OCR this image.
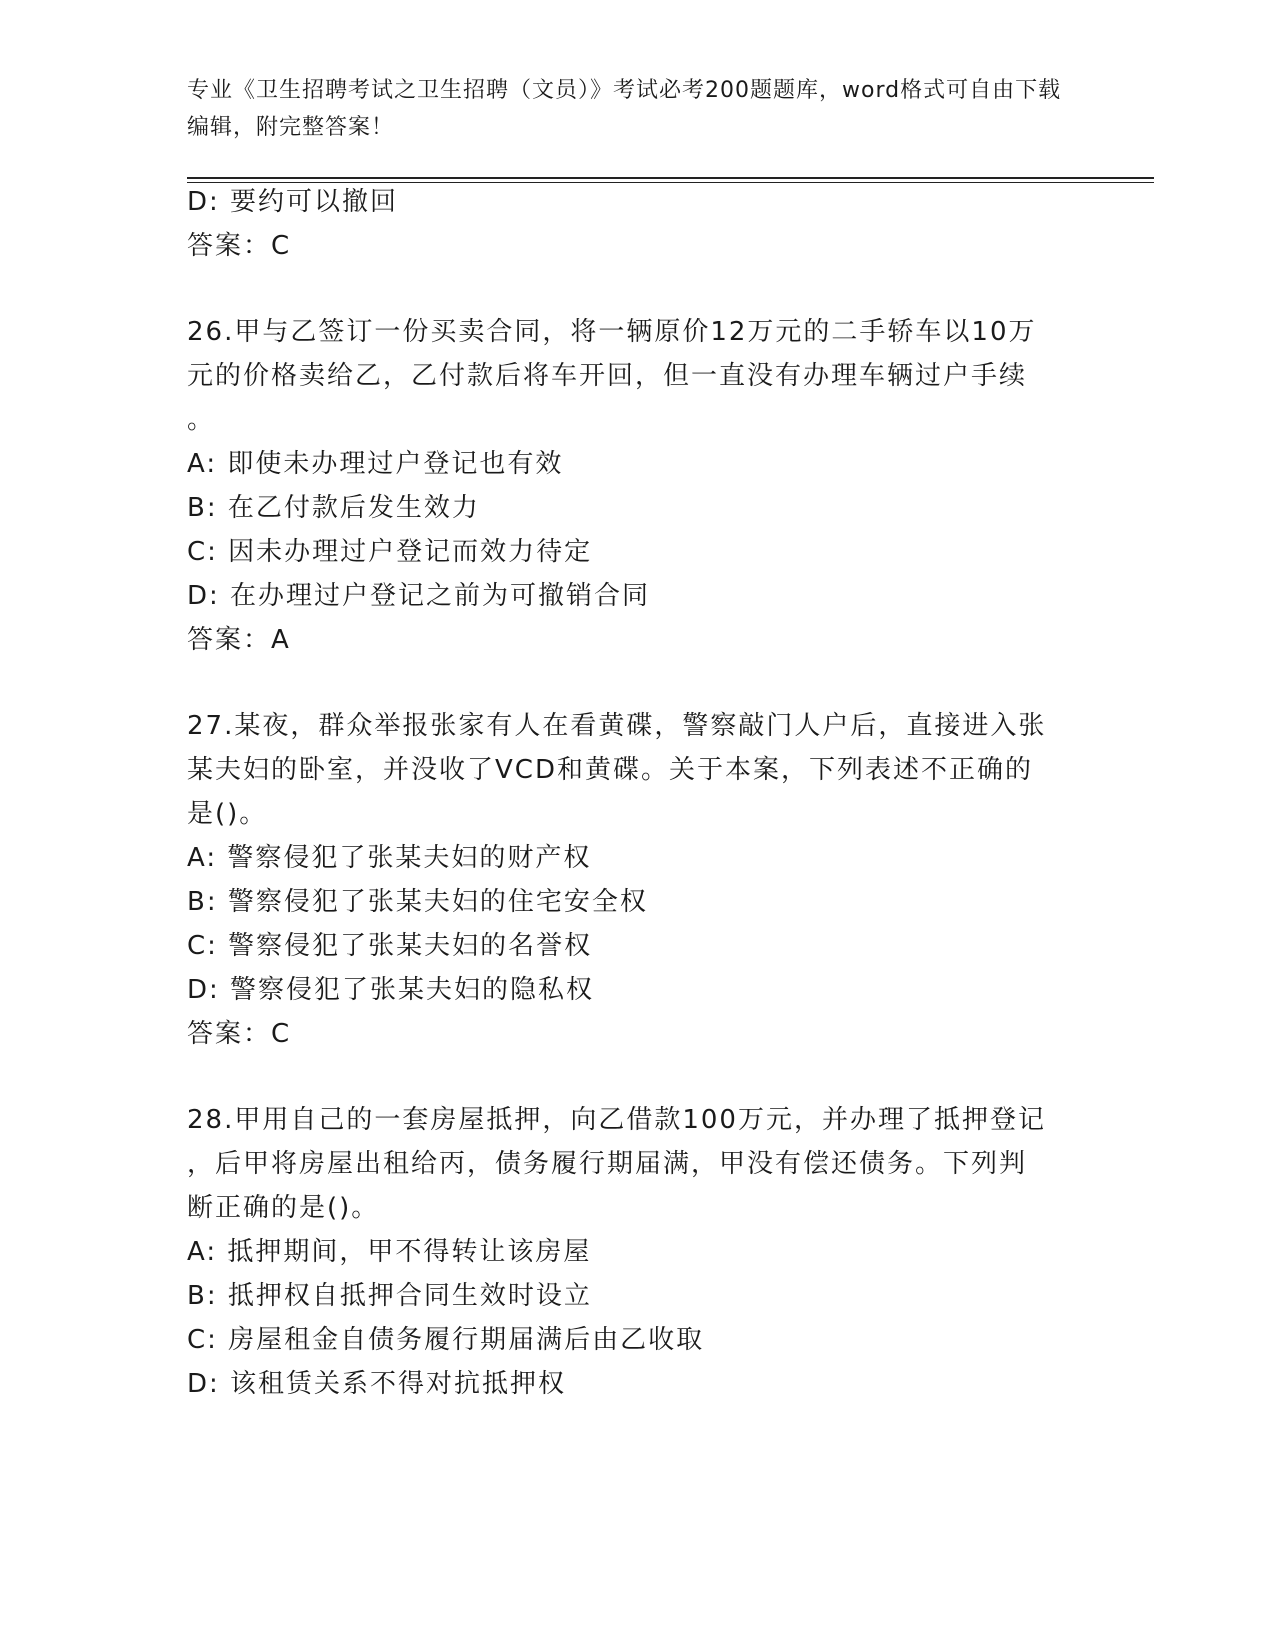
专业《卫生招聘考试之卫生招聘（文员）》考试必考200题题库，word格式可自由下载编辑，附完整答案！
D: 要约可以撤回
答案：C
26.甲与乙签订一份买卖合同，将一辆原价12万元的二手轿车以10万
元的价格卖给乙，乙付款后将车开回，但一直没有办理车辆过户手续
。
A: 即使未办理过户登记也有效
B: 在乙付款后发生效力
C: 因未办理过户登记而效力待定
D: 在办理过户登记之前为可撤销合同
答案：A
27.某夜，群众举报张家有人在看黄碟，警察敲门人户后，直接进入张
某夫妇的卧室，并没收了VCD和黄碟。关于本案，下列表述不正确的
是()。
A: 警察侵犯了张某夫妇的财产权
B: 警察侵犯了张某夫妇的住宅安全权
C: 警察侵犯了张某夫妇的名誉权
D: 警察侵犯了张某夫妇的隐私权
答案：C
28.甲用自己的一套房屋抵押，向乙借款100万元，并办理了抵押登记
，后甲将房屋出租给丙，债务履行期届满，甲没有偿还债务。下列判
断正确的是()。
A: 抵押期间，甲不得转让该房屋
B: 抵押权自抵押合同生效时设立
C: 房屋租金自债务履行期届满后由乙收取
D: 该租赁关系不得对抗抵押权
